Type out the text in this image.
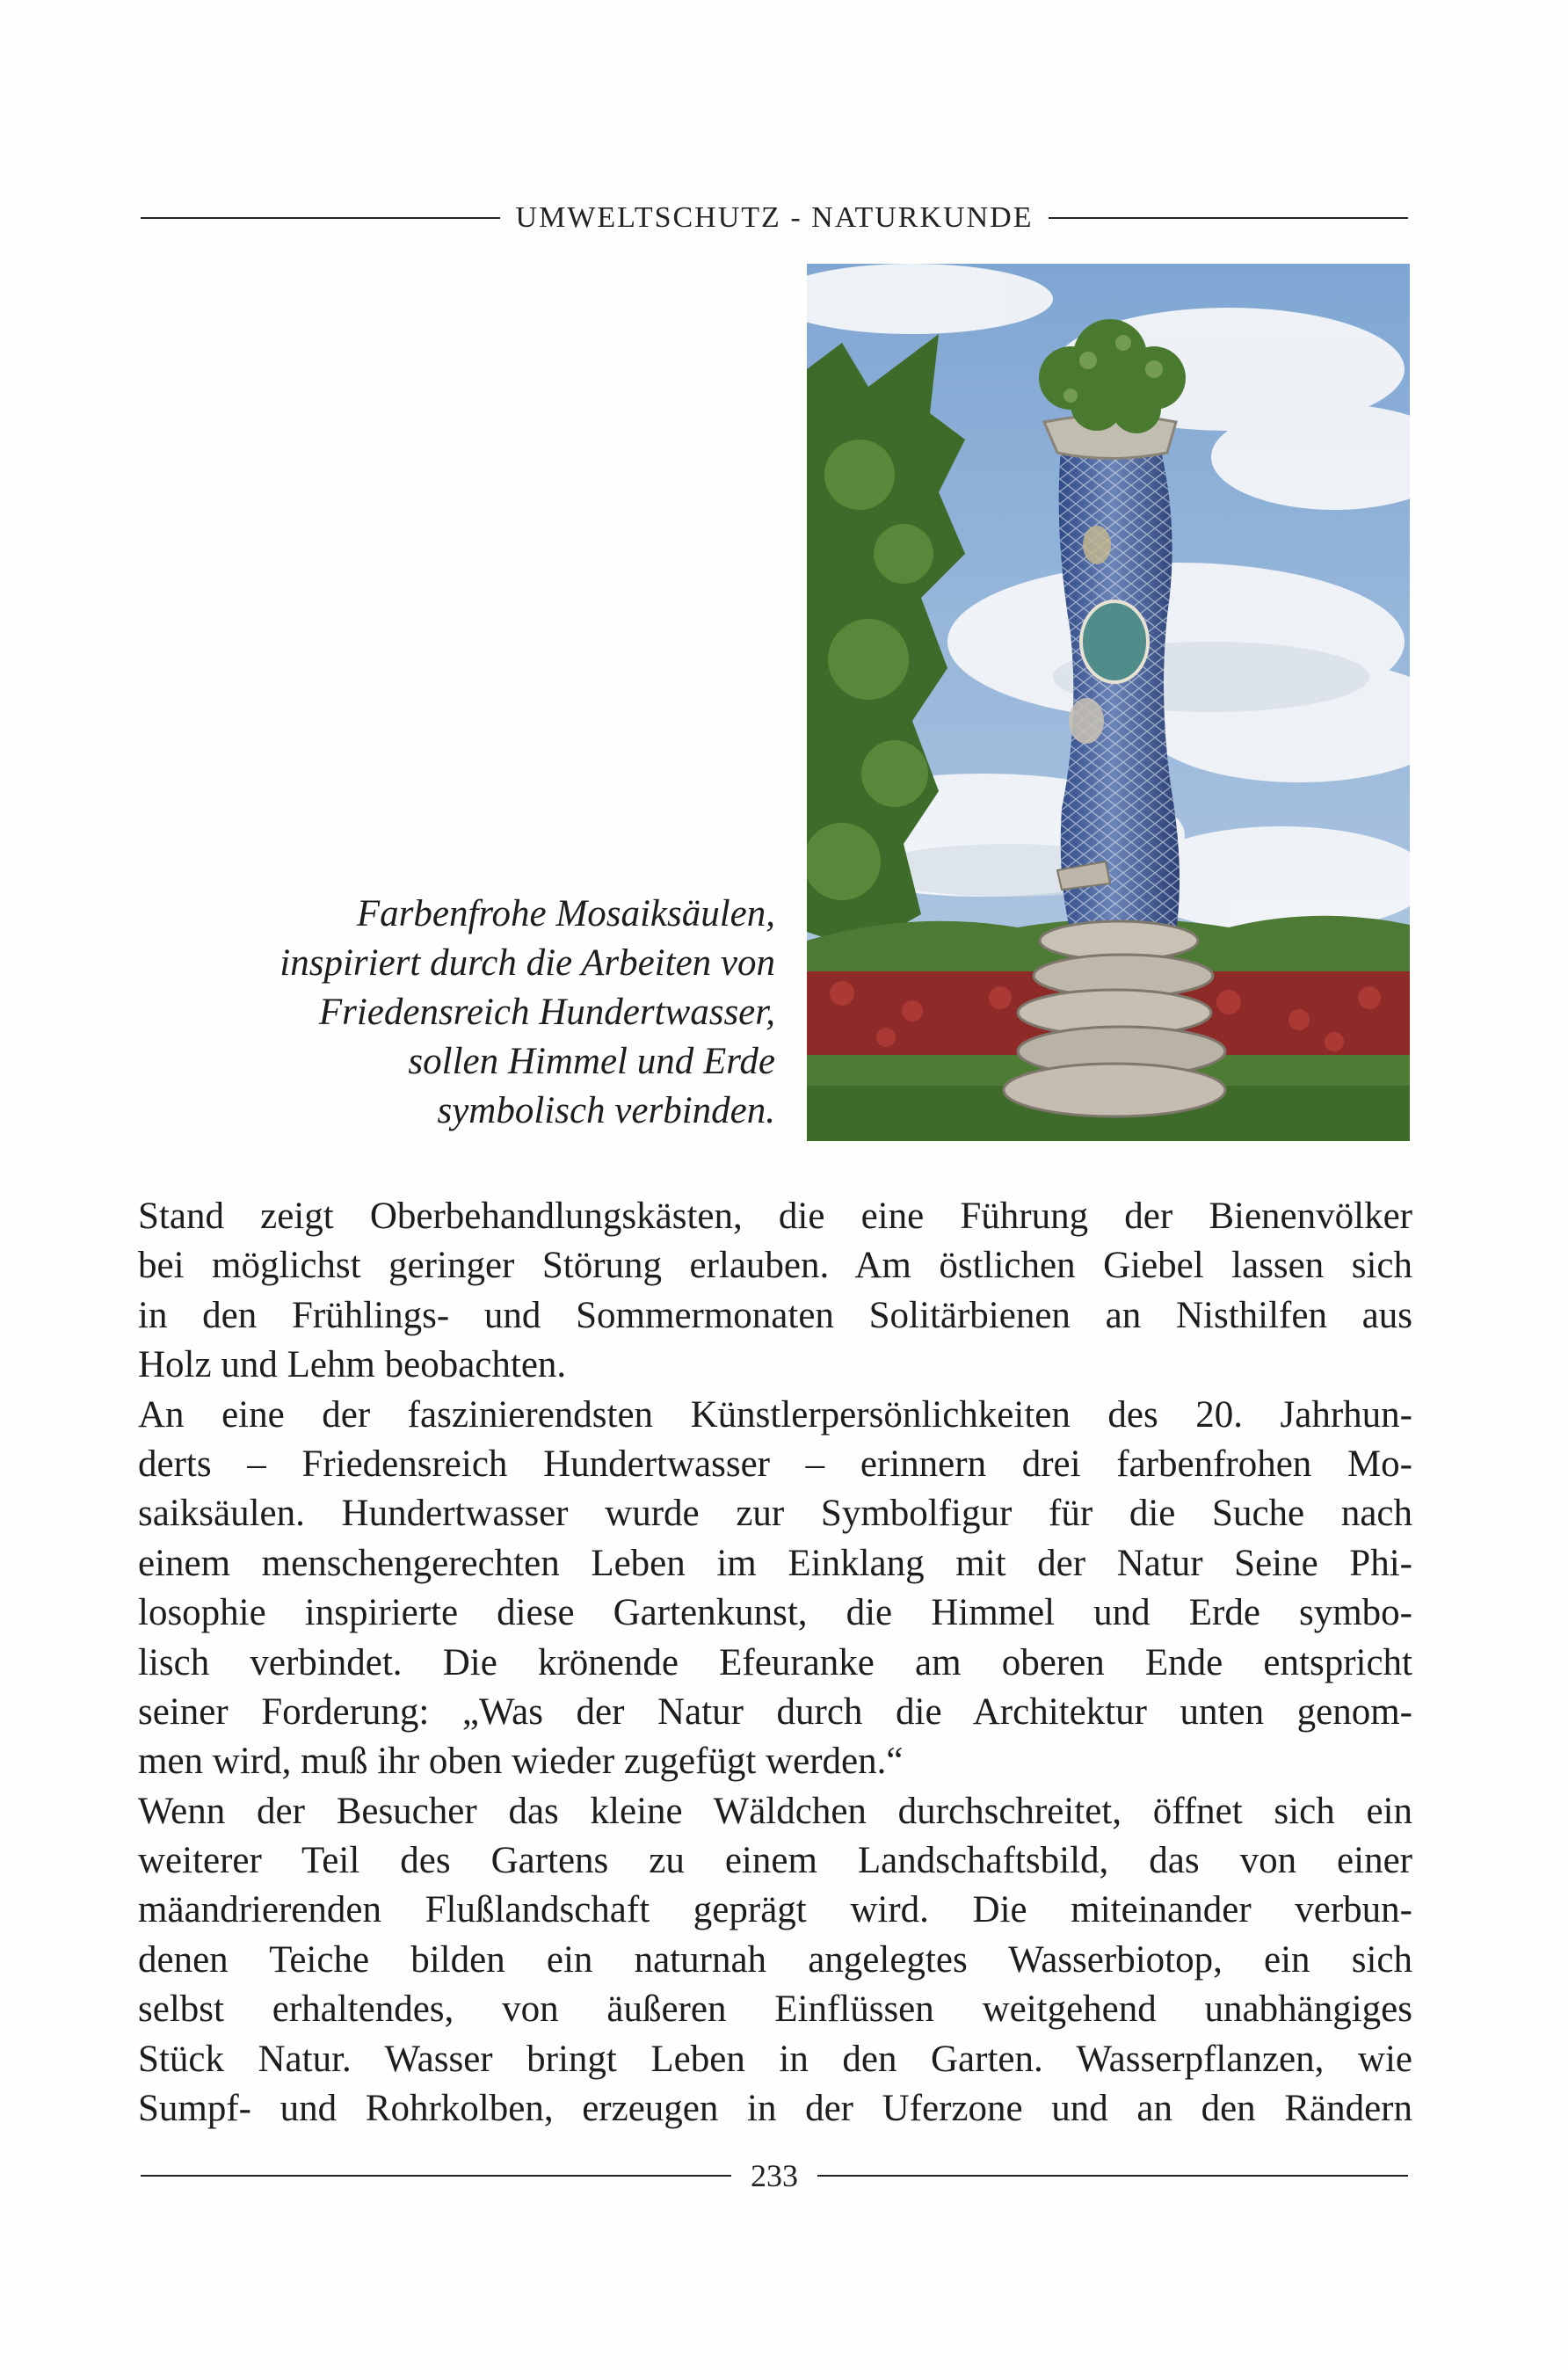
UMWELTSCHUTZ - NATURKUNDE
Farbenfrohe Mosaiksäulen,
inspiriert durch die Arbeiten von
Friedensreich Hundertwasser,
sollen Himmel und Erde
symbolisch verbinden.
Stand zeigt Oberbehandlungskästen, die eine Führung der Bienenvölker
bei möglichst geringer Störung erlauben. Am östlichen Giebel lassen sich
in den Frühlings- und Sommermonaten Solitärbienen an Nisthilfen aus
Holz und Lehm beobachten.
An eine der faszinierendsten Künstlerpersönlichkeiten des 20. Jahrhun-
derts – Friedensreich Hundertwasser – erinnern drei farbenfrohen Mo-
saiksäulen. Hundertwasser wurde zur Symbolfigur für die Suche nach
einem menschengerechten Leben im Einklang mit der Natur Seine Phi-
losophie inspirierte diese Gartenkunst, die Himmel und Erde symbo-
lisch verbindet. Die krönende Efeuranke am oberen Ende entspricht
seiner Forderung: „Was der Natur durch die Architektur unten genom-
men wird, muß ihr oben wieder zugefügt werden.“
Wenn der Besucher das kleine Wäldchen durchschreitet, öffnet sich ein
weiterer Teil des Gartens zu einem Landschaftsbild, das von einer
mäandrierenden Flußlandschaft geprägt wird. Die miteinander verbun-
denen Teiche bilden ein naturnah angelegtes Wasserbiotop, ein sich
selbst erhaltendes, von äußeren Einflüssen weitgehend unabhängiges
Stück Natur. Wasser bringt Leben in den Garten. Wasserpflanzen, wie
Sumpf- und Rohrkolben, erzeugen in der Uferzone und an den Rändern
233
